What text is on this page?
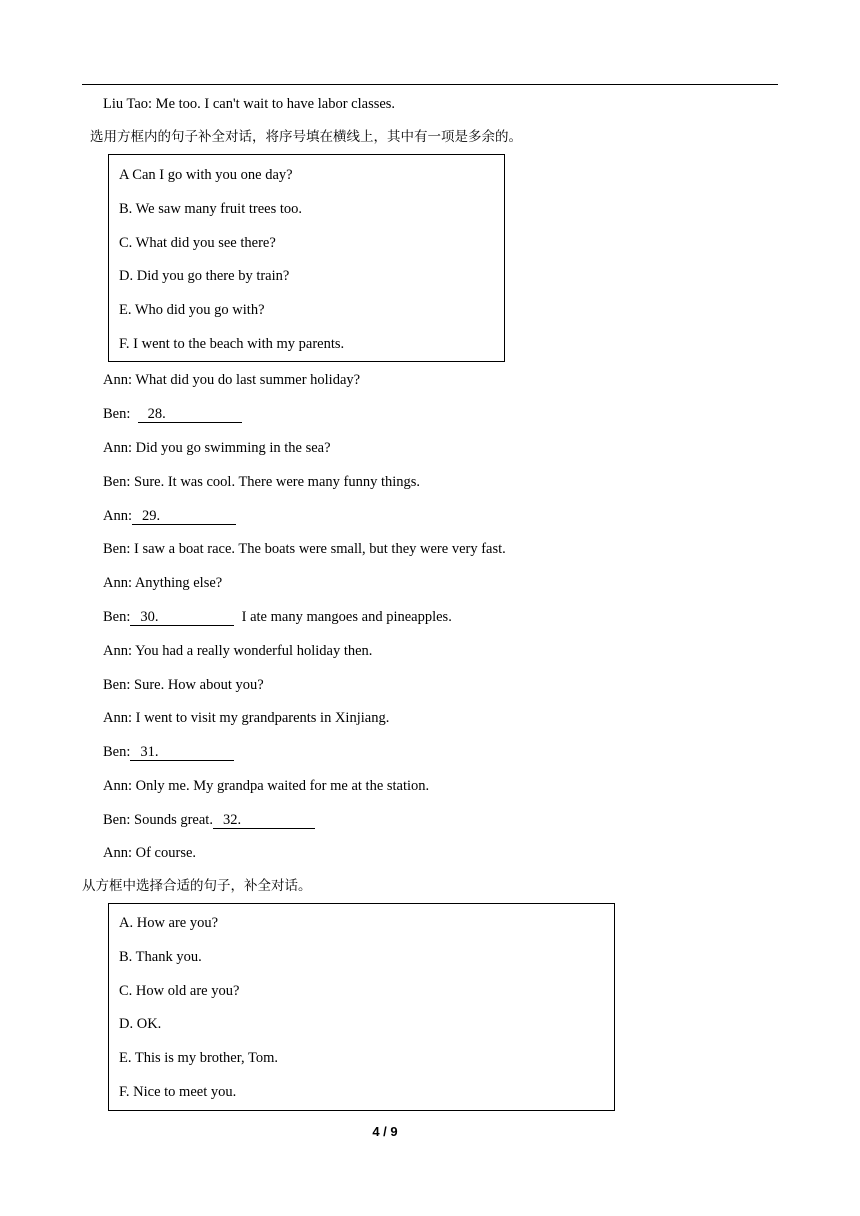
Liu Tao: Me too. I can't wait to have labor classes.
选用方框内的句子补全对话，将序号填在横线上，其中有一项是多余的。
A Can I go with you one day?
B. We saw many fruit trees too.
C. What did you see there?
D. Did you go there by train?
E. Who did you go with?
F. I went to the beach with my parents.
Ann: What did you do last summer holiday?
Ben:  28.
Ann: Did you go swimming in the sea?
Ben: Sure. It was cool. There were many funny things.
Ann: 29.
Ben: I saw a boat race. The boats were small, but they were very fast.
Ann: Anything else?
Ben: 30.	I ate many mangoes and pineapples.
Ann: You had a really wonderful holiday then.
Ben: Sure. How about you?
Ann: I went to visit my grandparents in Xinjiang.
Ben: 31.
Ann: Only me. My grandpa waited for me at the station.
Ben: Sounds great. 32.
Ann: Of course.
从方框中选择合适的句子，补全对话。
A. How are you?
B. Thank you.
C. How old are you?
D. OK.
E. This is my brother, Tom.
F. Nice to meet you.
4 / 9
